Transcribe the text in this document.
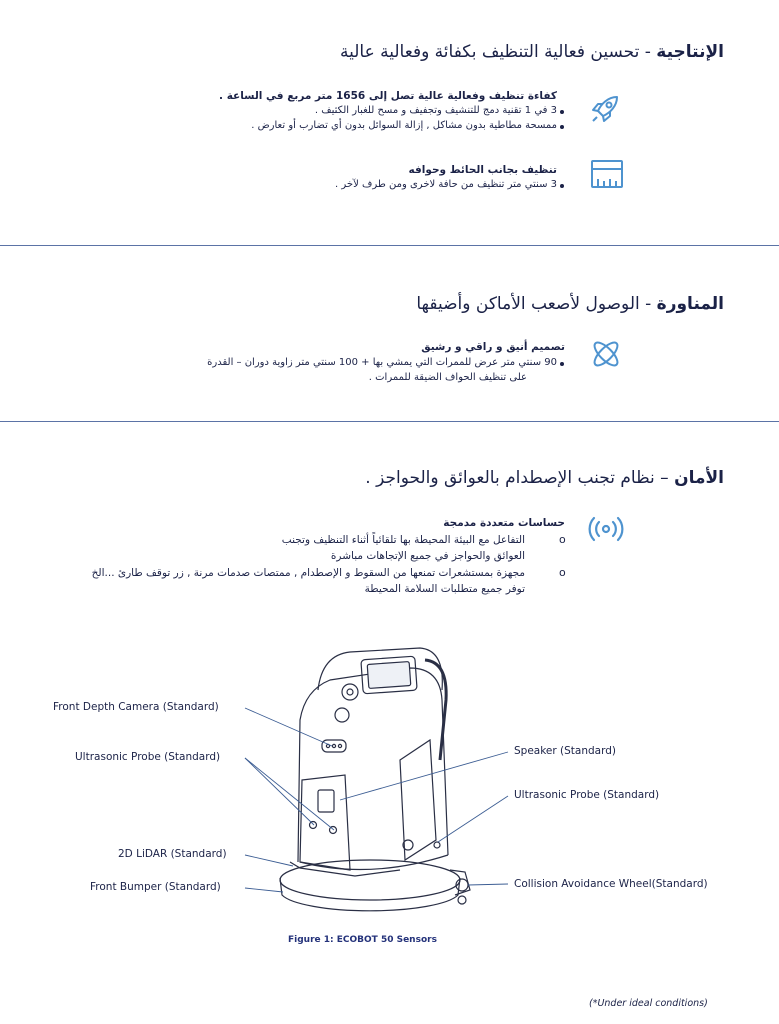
الإنتاجية - تحسين فعالية التنظيف بكفائة وفعالية عالية
كفاءة تنظيف وفعالية عالية تصل إلى 1656 متر مربع في الساعة .
3 في 1 تقنية دمج للتنشيف وتجفيف و مسح للغبار الكثيف .
ممسحة مطاطية بدون مشاكل , إزالة السوائل بدون أي تضارب أو تعارض .
تنظيف بجانب الحائط وحوافه
3 سنتي متر تنظيف من حافة لاخرى ومن طرف لآخر .
المناورة - الوصول لأصعب الأماكن وأضيقها
تصميم أنيق و راقي و رشيق
90 سنتي متر عرض للممرات التي يمشي بها + 100 سنتي متر زاوية دوران – القدرة
على تنظيف الحواف الضيقة للممرات .
الأمان – نظام تجنب الإصطدام بالعوائق والحواجز .
حساسات متعددة مدمجة
التفاعل مع البيئة المحيطة بها تلقائياً أثناء التنظيف وتجنب	o
العوائق والحواجز في جميع الإتجاهات مباشرة
مجهزة بمستشعرات تمنعها من السقوط و الإصطدام , ممتصات صدمات مرنة , زر توقف طارئ ...الخ	o
توفر جميع متطلبات السلامة المحيطة
Front Depth Camera (Standard)
Ultrasonic Probe (Standard)
2D LiDAR (Standard)
Front Bumper (Standard)
Speaker (Standard)
Ultrasonic Probe (Standard)
Collision Avoidance Wheel(Standard)
Figure 1: ECOBOT 50 Sensors
(*Under ideal conditions)
